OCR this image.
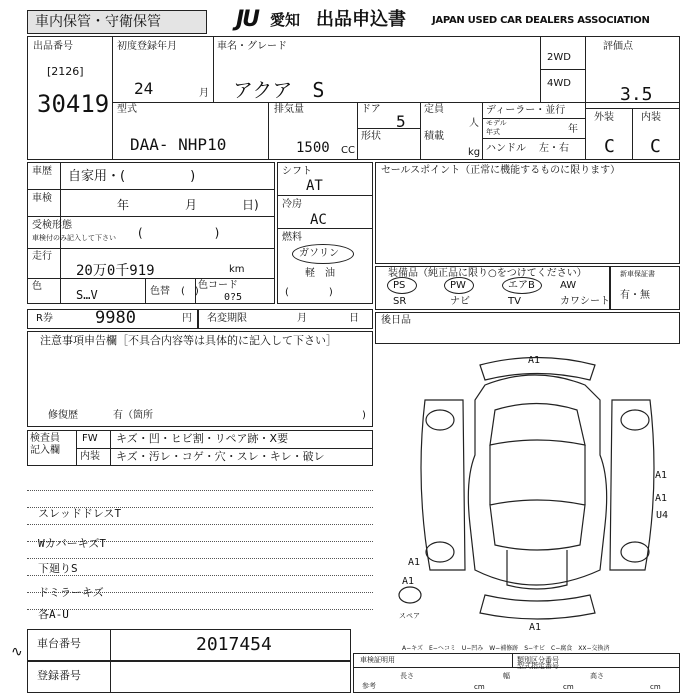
車内保管・守衛保管	JU 愛知 出品申込書	JAPAN USED CAR DEALERS ASSOCIATION
出品番号
[2126]
30419
初度登録年月
24	月
車名・グレード
アクア　S
2WD
4WD
評価点
3.5
外装	内装
C C
型式
DAA- NHP10
排気量
1500 CC
ドア
5
形状
定員
人
積載
kg
ディーラー・並行
モデル
年式	年
ハンドル 左・右
車歴 自家用・(　　　　　)
車検	年	月	日)
受検形態
車検付のみ記入して下さい (　　　　　　)
走行
20万0千919	km
色
S…V	色替 (　)
色コード
0?5
シフト
AT
冷房
AC
燃料
ガソリン
軽　油
(　　　　)
セールスポイント（正常に機能するものに限ります）
装備品（純正品に限り○をつけてください）
PS	PW	エアB	AW
SR	ナビ	TV	カワシート
新車保証書
有・無
R券 9980	円 名変期限	月	日 後日品
注意事項申告欄［不具合内容等は具体的に記入して下さい］
修復歴	有（箇所	)
検査員
記入欄
FW キズ・凹・ヒビ割・リペア跡・X要
内装 キズ・汚レ・コゲ・穴・スレ・キレ・破レ
スレッドドレスT
WカバーキズT
下廻りS
ドミラーキズ
各A-U
∿
車台番号	2017454
登録番号
A1
A1
A1
A1
A1
A1
U4
スペア
A−キズ　E−ヘコミ　U−凹み　W−補修跡　S−サビ　C−腐食　XX−交換済
車検証明用	類別区分番号
型式指定番号
参考
長さ	幅	高さ
cm	cm	cm
